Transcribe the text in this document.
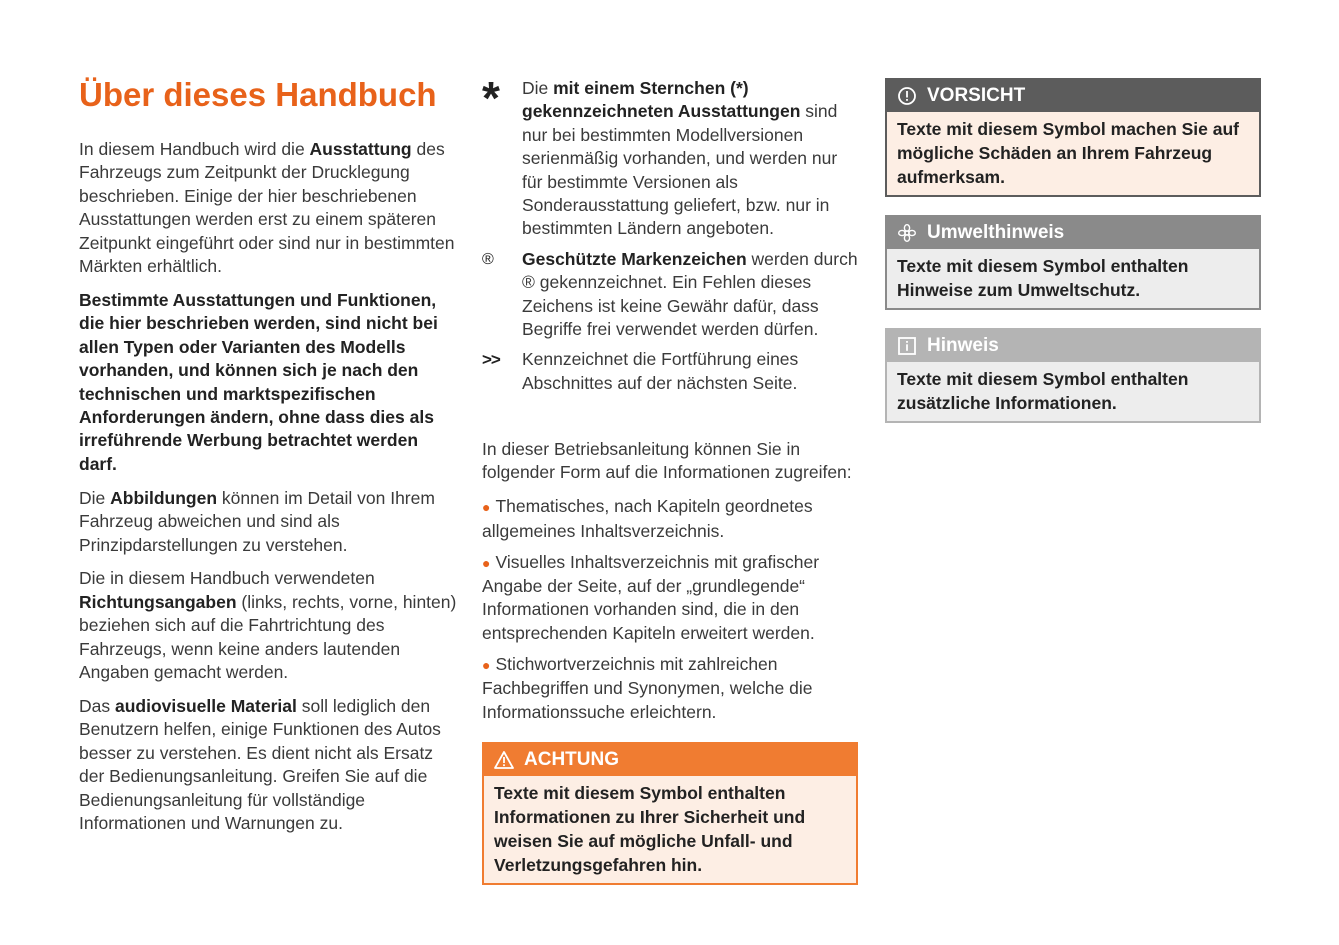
Über dieses Handbuch

In diesem Handbuch wird die Ausstattung des Fahrzeugs zum Zeitpunkt der Drucklegung beschrieben. Einige der hier beschriebenen Ausstattungen werden erst zu einem späteren Zeitpunkt eingeführt oder sind nur in bestimmten Märkten erhältlich.

Bestimmte Ausstattungen und Funktionen, die hier beschrieben werden, sind nicht bei allen Typen oder Varianten des Modells vorhanden, und können sich je nach den technischen und marktspezifischen Anforderungen ändern, ohne dass dies als irreführende Werbung betrachtet werden darf.

Die Abbildungen können im Detail von Ihrem Fahrzeug abweichen und sind als Prinzipdarstellungen zu verstehen.

Die in diesem Handbuch verwendeten Richtungsangaben (links, rechts, vorne, hinten) beziehen sich auf die Fahrtrichtung des Fahrzeugs, wenn keine anders lautenden Angaben gemacht werden.

Das audiovisuelle Material soll lediglich den Benutzern helfen, einige Funktionen des Autos besser zu verstehen. Es dient nicht als Ersatz der Bedienungsanleitung. Greifen Sie auf die Bedienungsanleitung für vollständige Informationen und Warnungen zu.

*	Die mit einem Sternchen (*) gekennzeichneten Ausstattungen sind nur bei bestimmten Modellversionen serienmäßig vorhanden, und werden nur für bestimmte Versionen als Sonderausstattung geliefert, bzw. nur in bestimmten Ländern angeboten.
®	Geschützte Markenzeichen werden durch ® gekennzeichnet. Ein Fehlen dieses Zeichens ist keine Gewähr dafür, dass Begriffe frei verwendet werden dürfen.
>>	Kennzeichnet die Fortführung eines Abschnittes auf der nächsten Seite.

In dieser Betriebsanleitung können Sie in folgender Form auf die Informationen zugreifen:

● Thematisches, nach Kapiteln geordnetes allgemeines Inhaltsverzeichnis.

● Visuelles Inhaltsverzeichnis mit grafischer Angabe der Seite, auf der „grundlegende“ Informationen vorhanden sind, die in den entsprechenden Kapiteln erweitert werden.

● Stichwortverzeichnis mit zahlreichen Fachbegriffen und Synonymen, welche die Informationssuche erleichtern.

ACHTUNG
Texte mit diesem Symbol enthalten Informationen zu Ihrer Sicherheit und weisen Sie auf mögliche Unfall- und Verletzungsgefahren hin.
VORSICHT
Texte mit diesem Symbol machen Sie auf mögliche Schäden an Ihrem Fahrzeug aufmerksam.
Umwelthinweis
Texte mit diesem Symbol enthalten Hinweise zum Umweltschutz.
Hinweis
Texte mit diesem Symbol enthalten zusätzliche Informationen.
